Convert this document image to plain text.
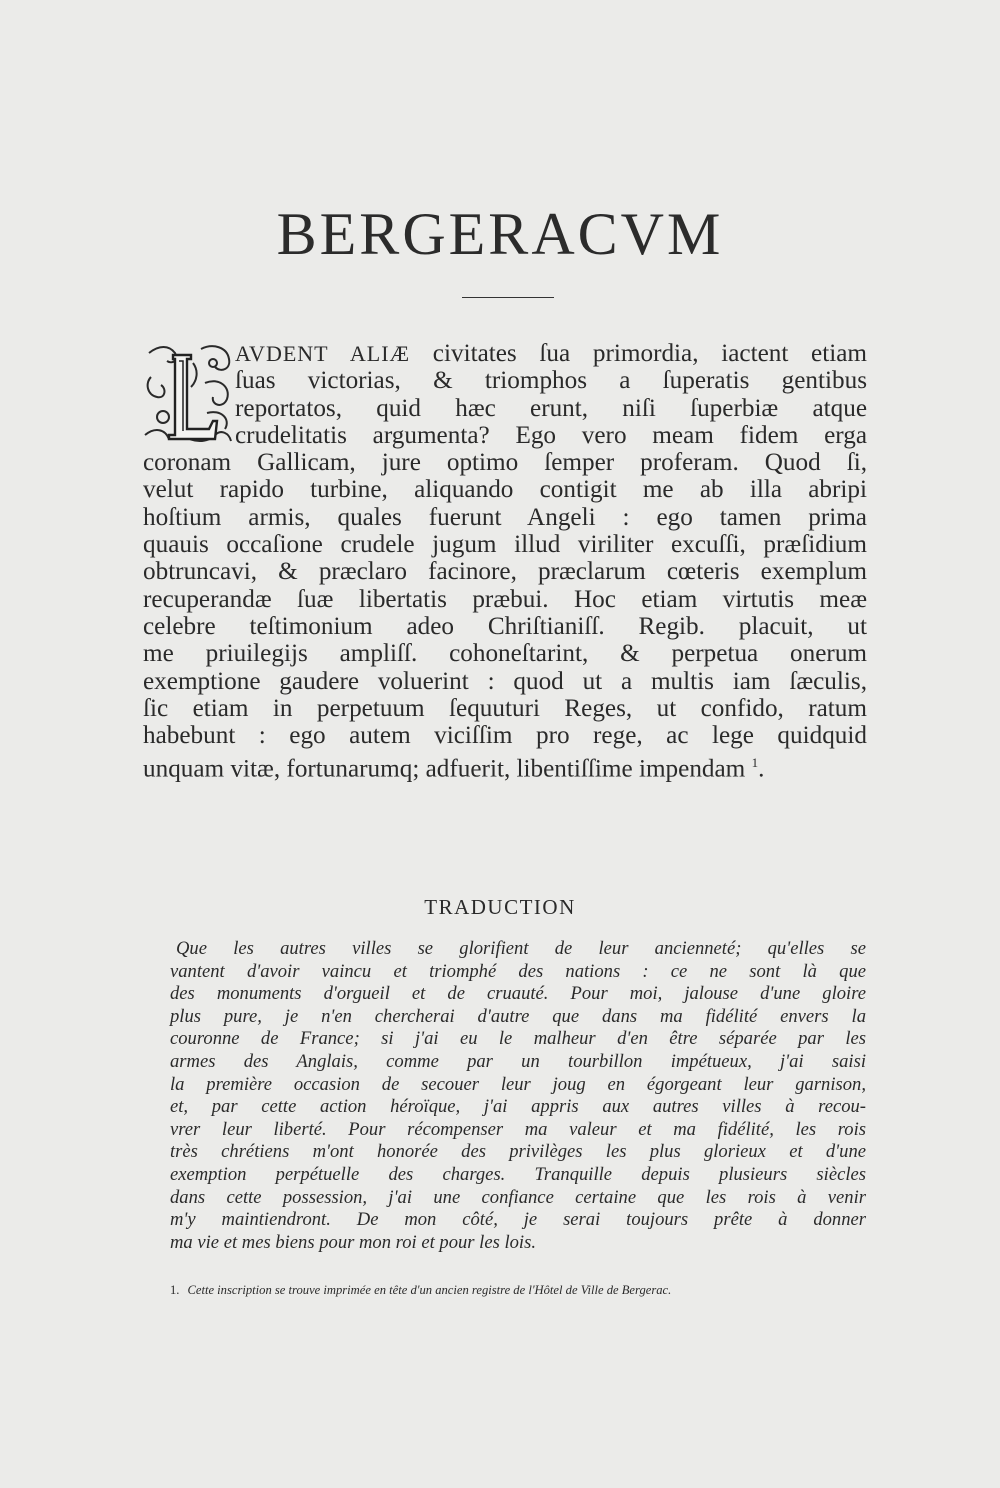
BERGERACVM
AVDENT ALIÆ civitates ſua primordia, iactent etiam
ſuas victorias, & triomphos a ſuperatis gentibus
reportatos, quid hæc erunt, niſi ſuperbiæ atque
crudelitatis argumenta? Ego vero meam fidem erga
coronam Gallicam, jure optimo ſemper proferam. Quod ſi,
velut rapido turbine, aliquando contigit me ab illa abripi
hoſtium armis, quales fuerunt Angeli : ego tamen prima
quauis occaſione crudele jugum illud viriliter excuſſi, præſidium
obtruncavi, & præclaro facinore, præclarum cœteris exemplum
recuperandæ ſuæ libertatis præbui. Hoc etiam virtutis meæ
celebre teſtimonium adeo Chriſtianiſſ. Regib. placuit, ut
me priuilegijs ampliſſ. cohoneſtarint, & perpetua onerum
exemptione gaudere voluerint : quod ut a multis iam ſæculis,
ſic etiam in perpetuum ſequuturi Reges, ut confido, ratum
habebunt : ego autem viciſſim pro rege, ac lege quidquid
unquam vitæ, fortunarumq; adfuerit, libentiſſime impendam $^1$.
TRADUCTION
Que les autres villes se glorifient de leur ancienneté; qu'elles se
vantent d'avoir vaincu et triomphé des nations : ce ne sont là que
des monuments d'orgueil et de cruauté. Pour moi, jalouse d'une gloire
plus pure, je n'en chercherai d'autre que dans ma fidélité envers la
couronne de France; si j'ai eu le malheur d'en être séparée par les
armes des Anglais, comme par un tourbillon impétueux, j'ai saisi
la première occasion de secouer leur joug en égorgeant leur garnison,
et, par cette action héroïque, j'ai appris aux autres villes à recou-
vrer leur liberté. Pour récompenser ma valeur et ma fidélité, les rois
très chrétiens m'ont honorée des privilèges les plus glorieux et d'une
exemption perpétuelle des charges. Tranquille depuis plusieurs siècles
dans cette possession, j'ai une confiance certaine que les rois à venir
m'y maintiendront. De mon côté, je serai toujours prête à donner
ma vie et mes biens pour mon roi et pour les lois.

1. Cette inscription se trouve imprimée en tête d'un ancien registre de l'Hôtel de Ville de Bergerac.
